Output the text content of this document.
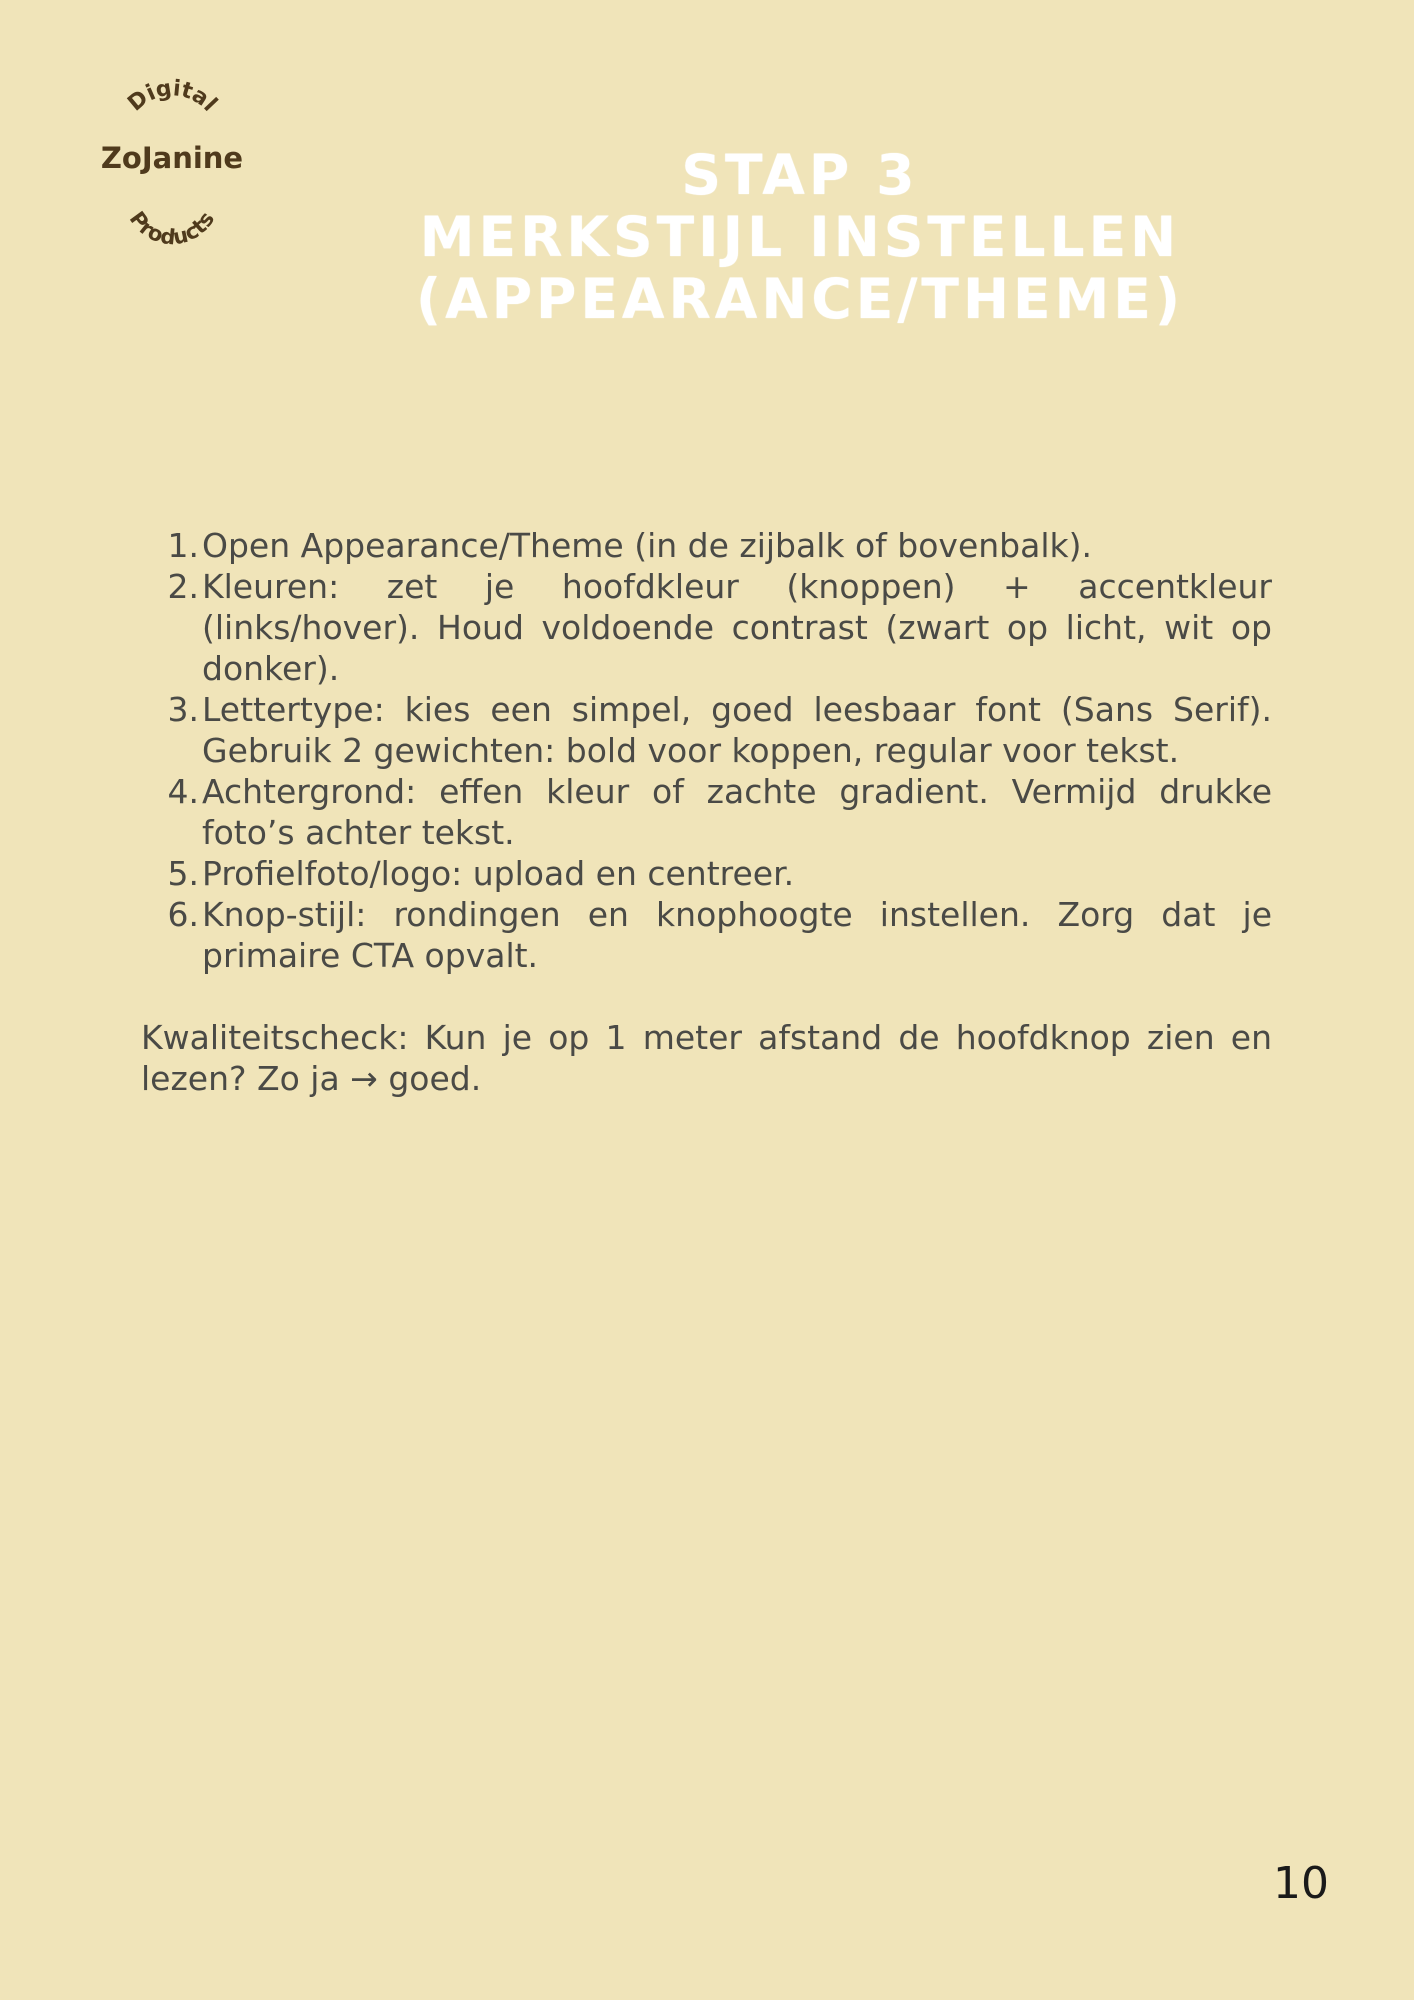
Digital
ZoJanine
Products
STAP 3
MERKSTIJL INSTELLEN
(APPEARANCE/THEME)
1. Open Appearance/Theme (in de zijbalk of bovenbalk).
2. Kleuren: zet je hoofdkleur (knoppen) + accentkleur (links/hover). Houd voldoende contrast (zwart op licht, wit op donker).
3. Lettertype: kies een simpel, goed leesbaar font (Sans Serif). Gebruik 2 gewichten: bold voor koppen, regular voor tekst.
4. Achtergrond: effen kleur of zachte gradient. Vermijd drukke foto’s achter tekst.
5. Profielfoto/logo: upload en centreer.
6. Knop-stijl: rondingen en knophoogte instellen. Zorg dat je primaire CTA opvalt.

Kwaliteitscheck: Kun je op 1 meter afstand de hoofdknop zien en lezen? Zo ja → goed.

10
